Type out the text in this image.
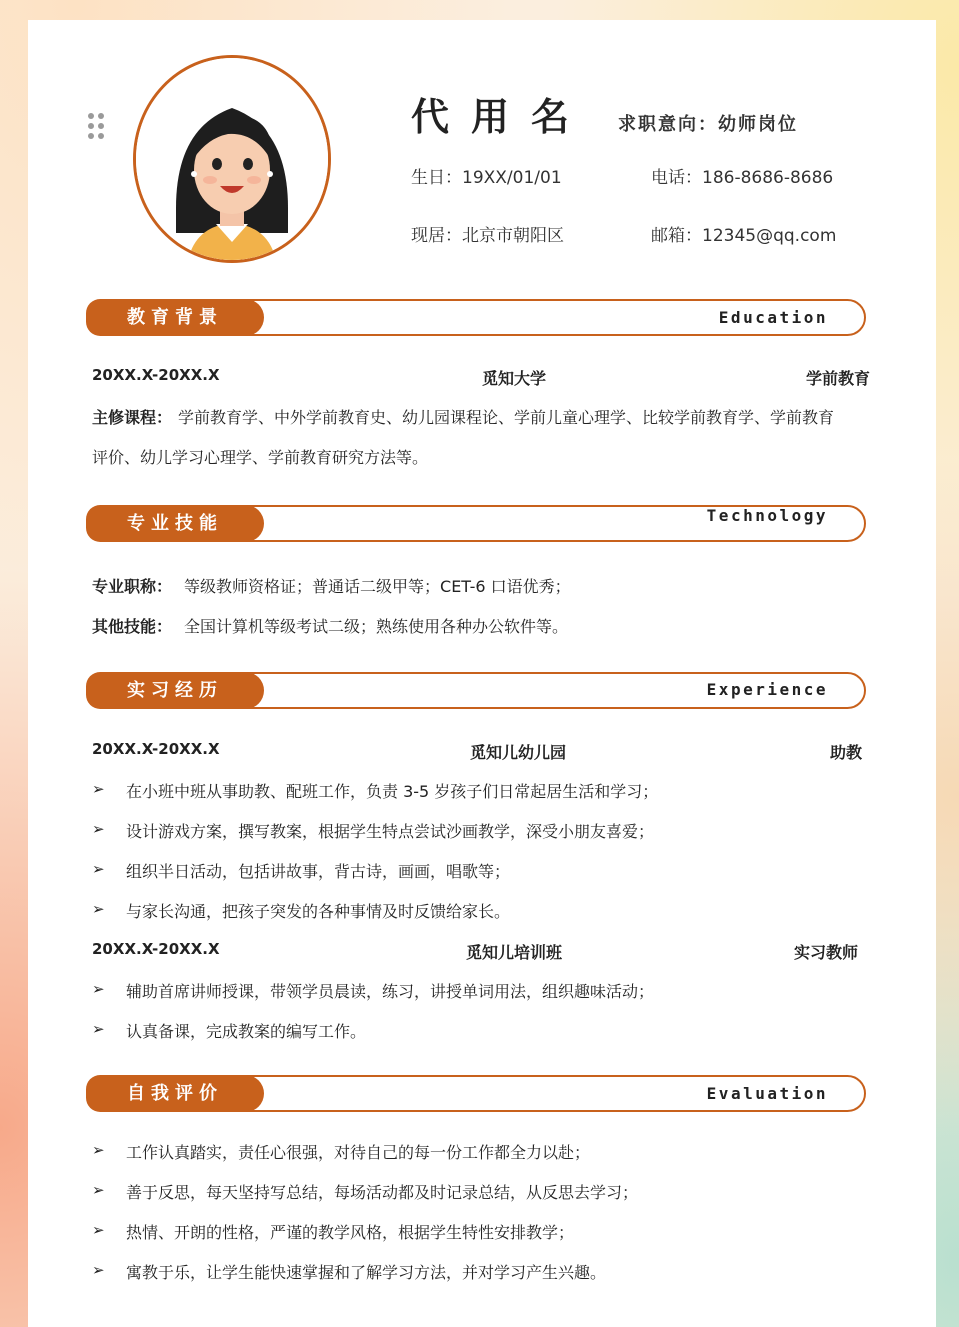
代用名 求职意向：幼师岗位
生日：19XX/01/01	电话：186-8686-8686
现居：北京市朝阳区	邮箱：12345@qq.com
教育背景	Education
20XX.X-20XX.X	觅知大学	学前教育
主修课程： 学前教育学、中外学前教育史、幼儿园课程论、学前儿童心理学、比较学前教育学、学前教育
评价、幼儿学习心理学、学前教育研究方法等。
专业技能	Technology
专业职称： 等级教师资格证；普通话二级甲等；CET-6 口语优秀；
其他技能： 全国计算机等级考试二级；熟练使用各种办公软件等。
实习经历	Experience
20XX.X-20XX.X	觅知儿幼儿园	助教
➢ 在小班中班从事助教、配班工作，负责 3-5 岁孩子们日常起居生活和学习；
➢ 设计游戏方案，撰写教案，根据学生特点尝试沙画教学，深受小朋友喜爱；
➢ 组织半日活动，包括讲故事，背古诗，画画，唱歌等；
➢ 与家长沟通，把孩子突发的各种事情及时反馈给家长。
20XX.X-20XX.X	觅知儿培训班	实习教师
➢ 辅助首席讲师授课，带领学员晨读，练习，讲授单词用法，组织趣味活动；
➢ 认真备课，完成教案的编写工作。
自我评价	Evaluation
➢ 工作认真踏实，责任心很强，对待自己的每一份工作都全力以赴；
➢ 善于反思，每天坚持写总结，每场活动都及时记录总结，从反思去学习；
➢ 热情、开朗的性格，严谨的教学风格，根据学生特性安排教学；
➢ 寓教于乐，让学生能快速掌握和了解学习方法，并对学习产生兴趣。
